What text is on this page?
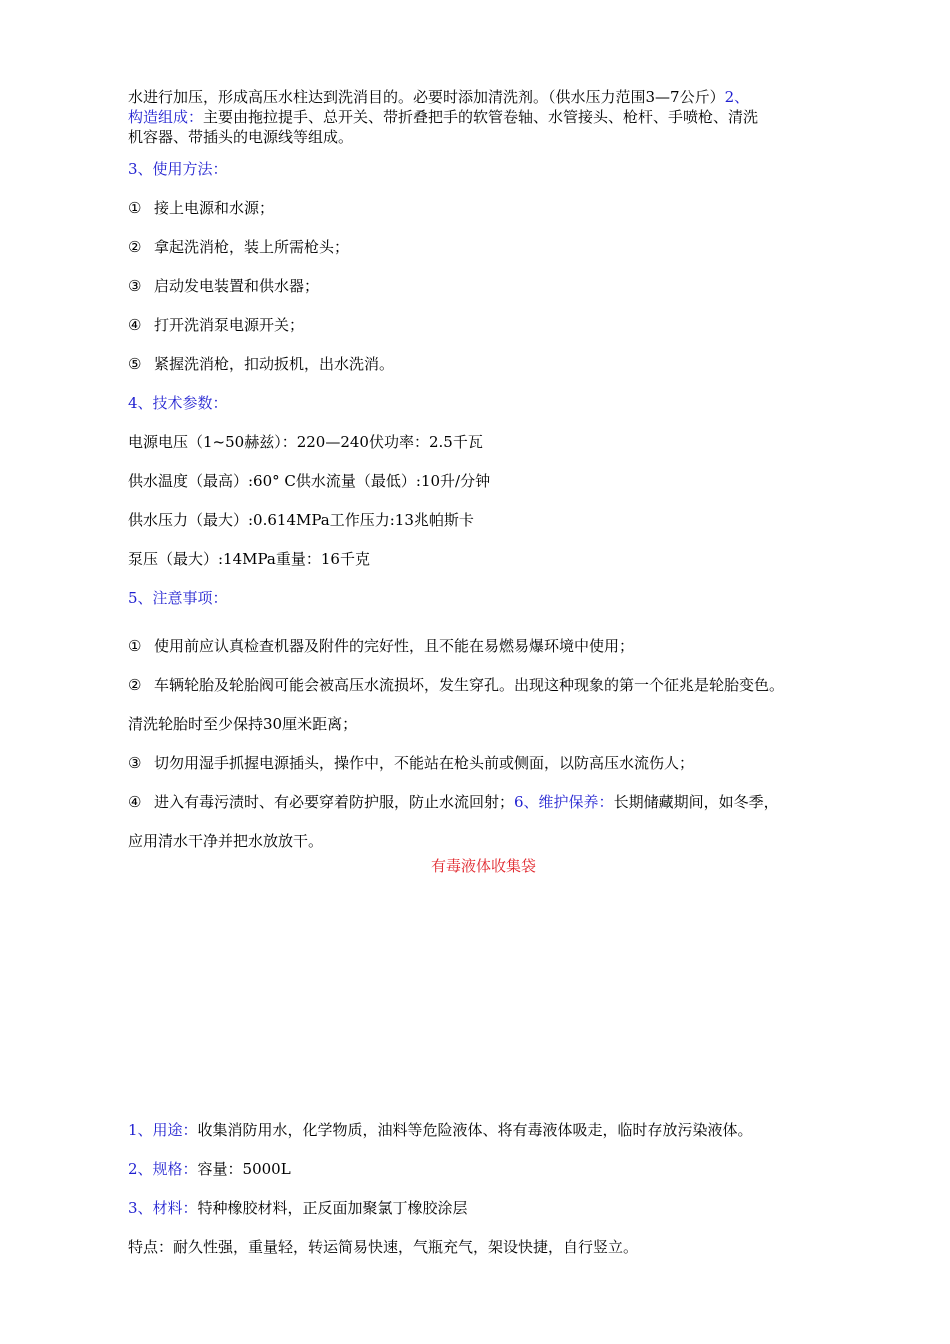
水进行加压，形成高压水柱达到洗消目的。必要时添加清洗剂。（供水压力范围3—7公斤）2、
构造组成：主要由拖拉提手、总开关、带折叠把手的软管卷轴、水管接头、枪杆、手喷枪、清洗
机容器、带插头的电源线等组成。
3、使用方法：
① 接上电源和水源；
② 拿起洗消枪，装上所需枪头；
③ 启动发电装置和供水器；
④ 打开洗消泵电源开关；
⑤ 紧握洗消枪，扣动扳机，出水洗消。
4、技术参数：
电源电压（1~50赫兹）：220—240伏功率：2.5千瓦
供水温度（最高）:60° C供水流量（最低）:10升/分钟
供水压力（最大）:0.614MPa工作压力:13兆帕斯卡
泵压（最大）:14MPa重量：16千克
5、注意事项：
① 使用前应认真检查机器及附件的完好性，且不能在易燃易爆环境中使用；
② 车辆轮胎及轮胎阀可能会被高压水流损坏，发生穿孔。出现这种现象的第一个征兆是轮胎变色。
清洗轮胎时至少保持30厘米距离；
③ 切勿用湿手抓握电源插头，操作中，不能站在枪头前或侧面，以防高压水流伤人；
④ 进入有毒污渍时、有必要穿着防护服，防止水流回射；6、维护保养：长期储藏期间，如冬季，
应用清水干净并把水放放干。
有毒液体收集袋
1、用途：收集消防用水，化学物质，油料等危险液体、将有毒液体吸走，临时存放污染液体。
2、规格：容量：5000L
3、材料：特种橡胶材料，正反面加聚氯丁橡胶涂层
特点：耐久性强，重量轻，转运简易快速，气瓶充气，架设快捷，自行竖立。
